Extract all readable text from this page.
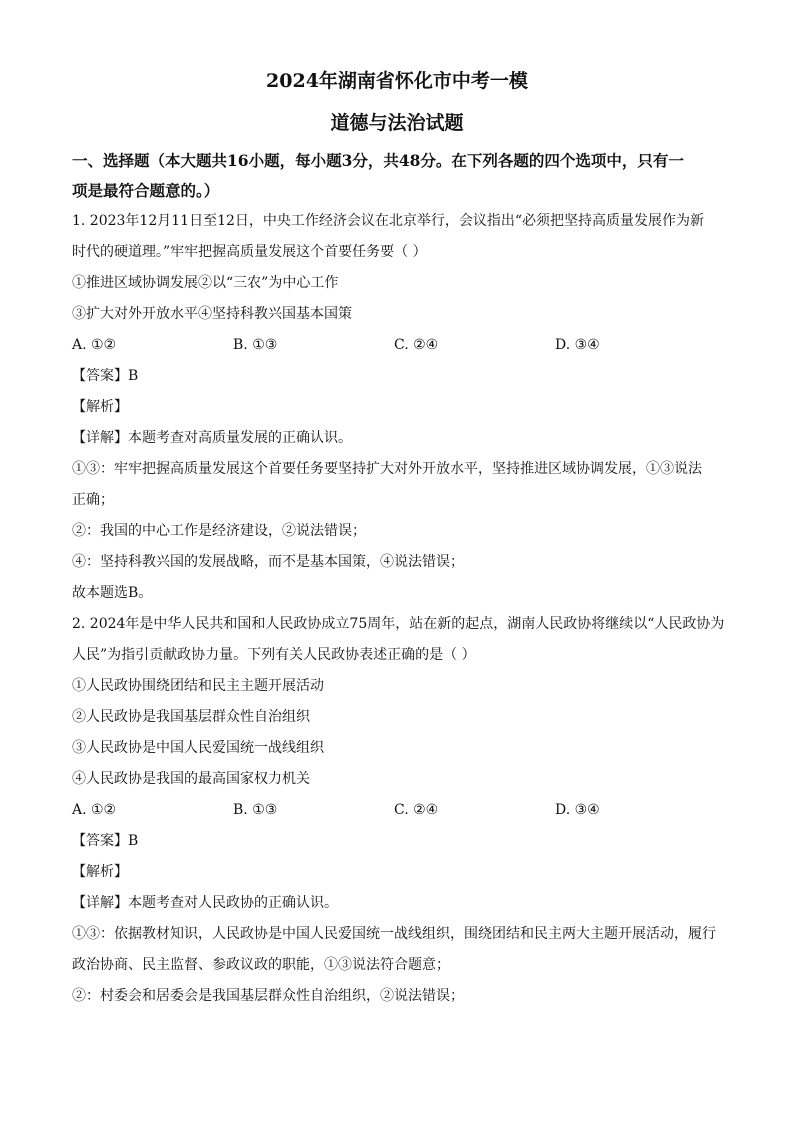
2024年湖南省怀化市中考一模

道德与法治试题

一、选择题（本大题共16小题，每小题3分，共48分。在下列各题的四个选项中，只有一

项是最符合题意的。）

1. 2023年12月11日至12日，中央工作经济会议在北京举行，会议指出“必须把坚持高质量发展作为新

时代的硬道理。”牢牢把握高质量发展这个首要任务要（ ）

①推进区域协调发展②以“三农”为中心工作

③扩大对外开放水平④坚持科教兴国基本国策

A. ①②	B. ①③	C. ②④	D. ③④

【答案】B

【解析】

【详解】本题考查对高质量发展的正确认识。

①③：牢牢把握高质量发展这个首要任务要坚持扩大对外开放水平，坚持推进区域协调发展，①③说法

正确；

②：我国的中心工作是经济建设，②说法错误；

④：坚持科教兴国的发展战略，而不是基本国策，④说法错误；

故本题选B。

2. 2024年是中华人民共和国和人民政协成立75周年，站在新的起点，湖南人民政协将继续以“人民政协为

人民”为指引贡献政协力量。下列有关人民政协表述正确的是（ ）

①人民政协围绕团结和民主主题开展活动

②人民政协是我国基层群众性自治组织

③人民政协是中国人民爱国统一战线组织

④人民政协是我国的最高国家权力机关

A. ①②	B. ①③	C. ②④	D. ③④

【答案】B

【解析】

【详解】本题考查对人民政协的正确认识。

①③：依据教材知识，人民政协是中国人民爱国统一战线组织，围绕团结和民主两大主题开展活动，履行

政治协商、民主监督、参政议政的职能，①③说法符合题意；

②：村委会和居委会是我国基层群众性自治组织，②说法错误；
